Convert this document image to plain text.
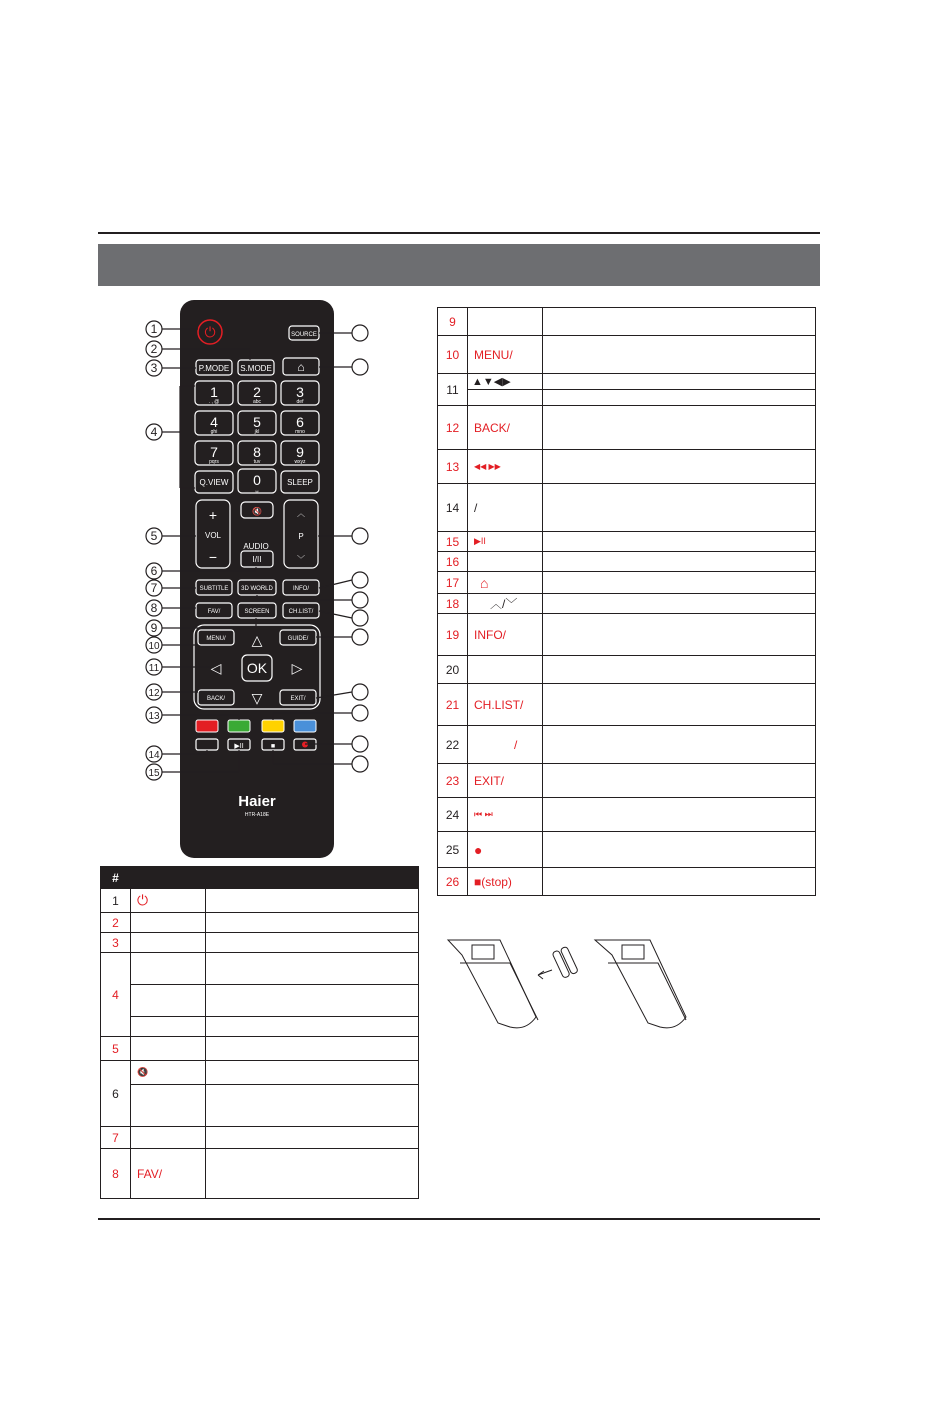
⏻	SOURCE
P.MODE S.MODE ⌂
1
. , @
2
abc
3
def
4
ghi
5
jkl
6
mno
7
pqrs
8
tuv
9
wxyz
Q.VIEW 0
␣
SLEEP
+
VOL
−
🔇
AUDIO
I/II
︿
P
﹀
SUBTITLE 3D WORLD	INFO/
FAV/	SCREEN	CH.LIST/
MENU/	GUIDE/
△
◁	▷
▽
OK
BACK/	EXIT/
▶II	■
Haier
HTR-A18E
1
2
3
4
5
6
7
8
9
10
11
12
13
14
15
#		
1	⏻	
2		
3		
4		

5		
6	🔇	

7		
8	FAV/	
9		
10	MENU/	
11	▲▼◀▶	

12	BACK/	
13	◀◀ ▶▶	
14	/	
15	▶II	
16		
17	⌂	
18	︿/﹀	
19	INFO/	
20		
21	CH.LIST/	
22	/	
23	EXIT/	
24	⏮ ⏭	
25	●	
26	■(stop)	
